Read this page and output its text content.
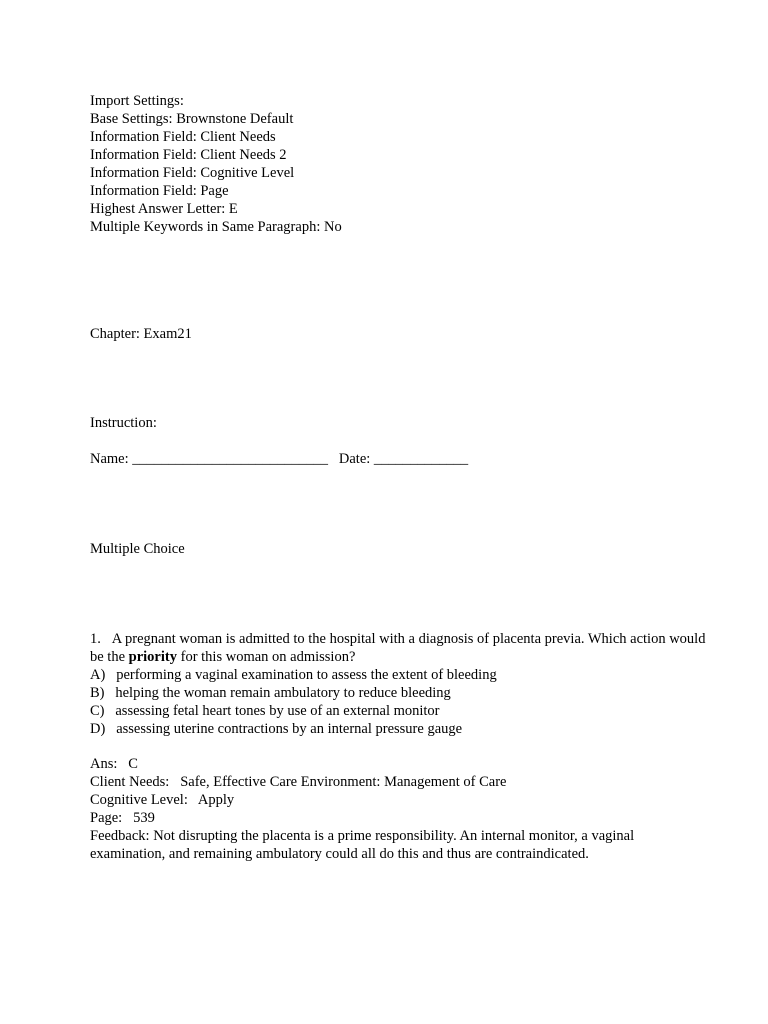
Import Settings:

Base Settings: Brownstone Default

Information Field: Client Needs

Information Field: Client Needs 2

Information Field: Cognitive Level

Information Field: Page

Highest Answer Letter: E

Multiple Keywords in Same Paragraph: No

Chapter: Exam21

Instruction:

Name: ___________________________   Date: _____________

Multiple Choice

1. A pregnant woman is admitted to the hospital with a diagnosis of placenta previa. Which action would be the priority for this woman on admission?

A) performing a vaginal examination to assess the extent of bleeding

B) helping the woman remain ambulatory to reduce bleeding

C) assessing fetal heart tones by use of an external monitor

D) assessing uterine contractions by an internal pressure gauge

Ans:   C

Client Needs:   Safe, Effective Care Environment: Management of Care

Cognitive Level:   Apply

Page:   539

Feedback: Not disrupting the placenta is a prime responsibility. An internal monitor, a vaginal examination, and remaining ambulatory could all do this and thus are contraindicated.
